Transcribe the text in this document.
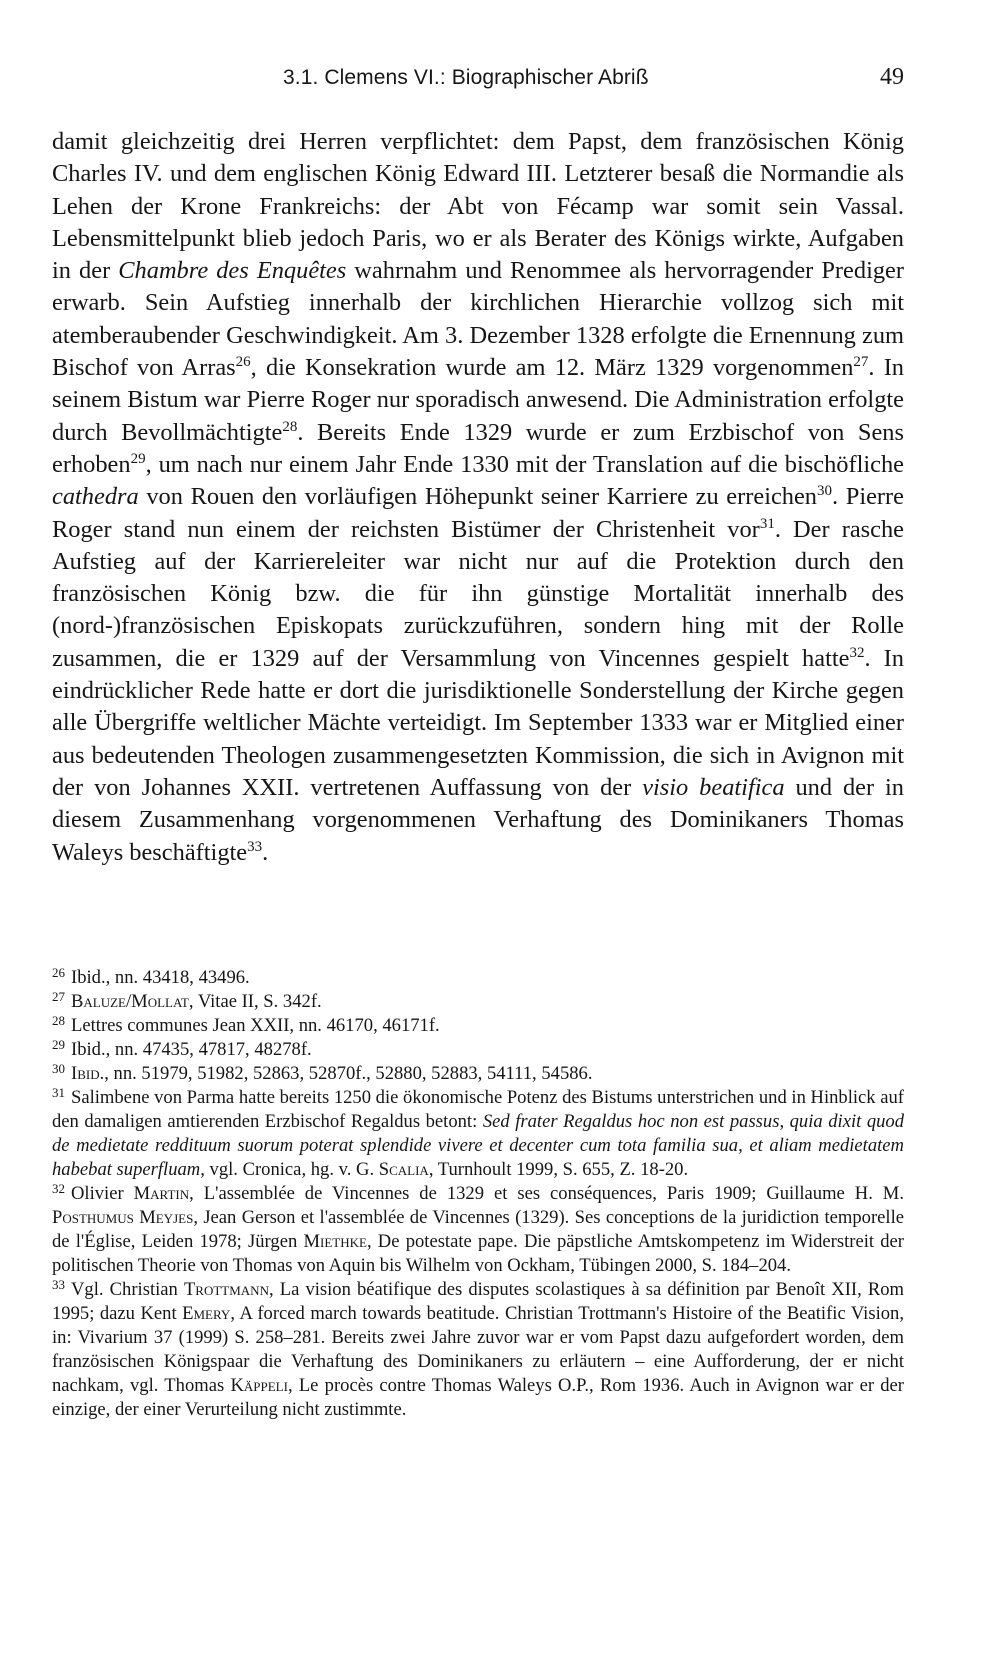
3.1. Clemens VI.: Biographischer Abriß	49

damit gleichzeitig drei Herren verpflichtet: dem Papst, dem französischen König Charles IV. und dem englischen König Edward III. Letzterer besaß die Normandie als Lehen der Krone Frankreichs: der Abt von Fécamp war somit sein Vassal. Lebensmittelpunkt blieb jedoch Paris, wo er als Berater des Königs wirkte, Aufgaben in der Chambre des Enquêtes wahrnahm und Renommee als hervorragender Prediger erwarb. Sein Aufstieg innerhalb der kirchlichen Hierarchie vollzog sich mit atemberaubender Geschwindigkeit. Am 3. Dezember 1328 erfolgte die Ernennung zum Bischof von Arras$^{26}$, die Konsekration wurde am 12. März 1329 vorgenommen$^{27}$. In seinem Bistum war Pierre Roger nur sporadisch anwesend. Die Administration erfolgte durch Bevollmächtigte$^{28}$. Bereits Ende 1329 wurde er zum Erzbischof von Sens erhoben$^{29}$, um nach nur einem Jahr Ende 1330 mit der Translation auf die bischöfliche cathedra von Rouen den vorläufigen Höhepunkt seiner Karriere zu erreichen$^{30}$. Pierre Roger stand nun einem der reichsten Bistümer der Christenheit vor$^{31}$. Der rasche Aufstieg auf der Karriereleiter war nicht nur auf die Protektion durch den französischen König bzw. die für ihn günstige Mortalität innerhalb des (nord-)französischen Episkopats zurückzuführen, sondern hing mit der Rolle zusammen, die er 1329 auf der Versammlung von Vincennes gespielt hatte$^{32}$. In eindrücklicher Rede hatte er dort die jurisdiktionelle Sonderstellung der Kirche gegen alle Übergriffe weltlicher Mächte verteidigt. Im September 1333 war er Mitglied einer aus bedeutenden Theologen zusammengesetzten Kommission, die sich in Avignon mit der von Johannes XXII. vertretenen Auffassung von der visio beatifica und der in diesem Zusammenhang vorgenommenen Verhaftung des Dominikaners Thomas Waleys beschäftigte$^{33}$.

$^{26}$ Ibid., nn. 43418, 43496.

$^{27}$ Baluze/Mollat, Vitae II, S. 342f.

$^{28}$ Lettres communes Jean XXII, nn. 46170, 46171f.

$^{29}$ Ibid., nn. 47435, 47817, 48278f.

$^{30}$ Ibid., nn. 51979, 51982, 52863, 52870f., 52880, 52883, 54111, 54586.

$^{31}$ Salimbene von Parma hatte bereits 1250 die ökonomische Potenz des Bistums unterstrichen und in Hinblick auf den damaligen amtierenden Erzbischof Regaldus betont: Sed frater Regaldus hoc non est passus, quia dixit quod de medietate reddituum suorum poterat splendide vivere et decenter cum tota familia sua, et aliam medietatem habebat superfluam, vgl. Cronica, hg. v. G. Scalia, Turnhoult 1999, S. 655, Z. 18-20.

$^{32}$ Olivier Martin, L'assemblée de Vincennes de 1329 et ses conséquences, Paris 1909; Guillaume H. M. Posthumus Meyjes, Jean Gerson et l'assemblée de Vincennes (1329). Ses conceptions de la juridiction temporelle de l'Église, Leiden 1978; Jürgen Miethke, De potestate pape. Die päpstliche Amtskompetenz im Widerstreit der politischen Theorie von Thomas von Aquin bis Wilhelm von Ockham, Tübingen 2000, S. 184–204.

$^{33}$ Vgl. Christian Trottmann, La vision béatifique des disputes scolastiques à sa définition par Benoît XII, Rom 1995; dazu Kent Emery, A forced march towards beatitude. Christian Trottmann's Histoire of the Beatific Vision, in: Vivarium 37 (1999) S. 258–281. Bereits zwei Jahre zuvor war er vom Papst dazu aufgefordert worden, dem französischen Königspaar die Verhaftung des Dominikaners zu erläutern – eine Aufforderung, der er nicht nachkam, vgl. Thomas Käppeli, Le procès contre Thomas Waleys O.P., Rom 1936. Auch in Avignon war er der einzige, der einer Verurteilung nicht zustimmte.
